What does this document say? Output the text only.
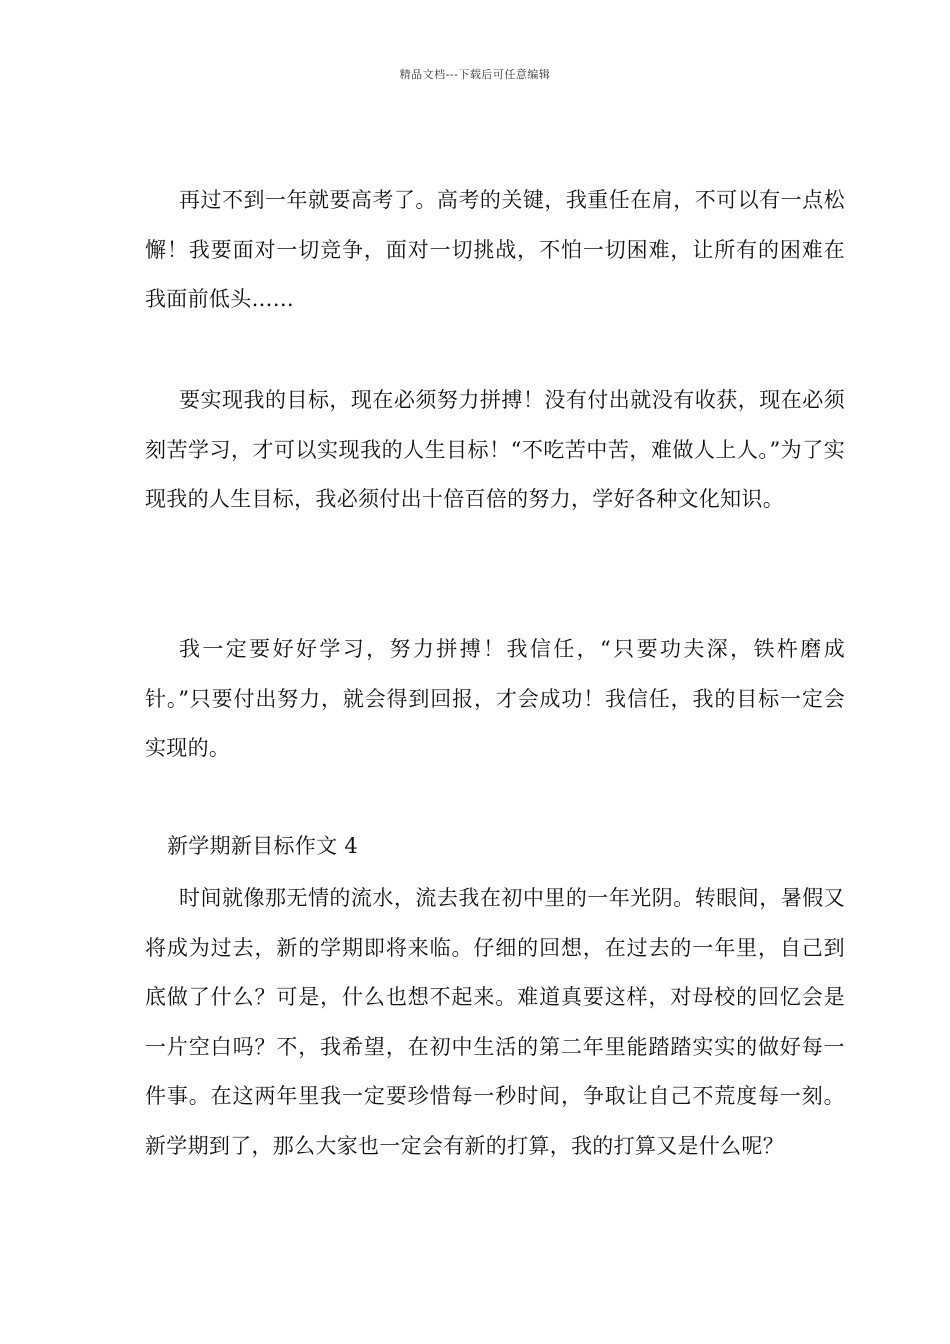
精品文档---下载后可任意编辑

再过不到一年就要高考了。高考的关键，我重任在肩，不可以有一点松懈！我要面对一切竞争，面对一切挑战，不怕一切困难，让所有的困难在我面前低头……

要实现我的目标，现在必须努力拼搏！没有付出就没有收获，现在必须刻苦学习，才可以实现我的人生目标！“不吃苦中苦，难做人上人。”为了实现我的人生目标，我必须付出十倍百倍的努力，学好各种文化知识。

我一定要好好学习，努力拼搏！我信任，“只要功夫深，铁杵磨成针。”只要付出努力，就会得到回报，才会成功！我信任，我的目标一定会实现的。

新学期新目标作文 4

时间就像那无情的流水，流去我在初中里的一年光阴。转眼间，暑假又将成为过去，新的学期即将来临。仔细的回想，在过去的一年里，自己到底做了什么？可是，什么也想不起来。难道真要这样，对母校的回忆会是一片空白吗？不，我希望，在初中生活的第二年里能踏踏实实的做好每一件事。在这两年里我一定要珍惜每一秒时间，争取让自己不荒度每一刻。新学期到了，那么大家也一定会有新的打算，我的打算又是什么呢？
